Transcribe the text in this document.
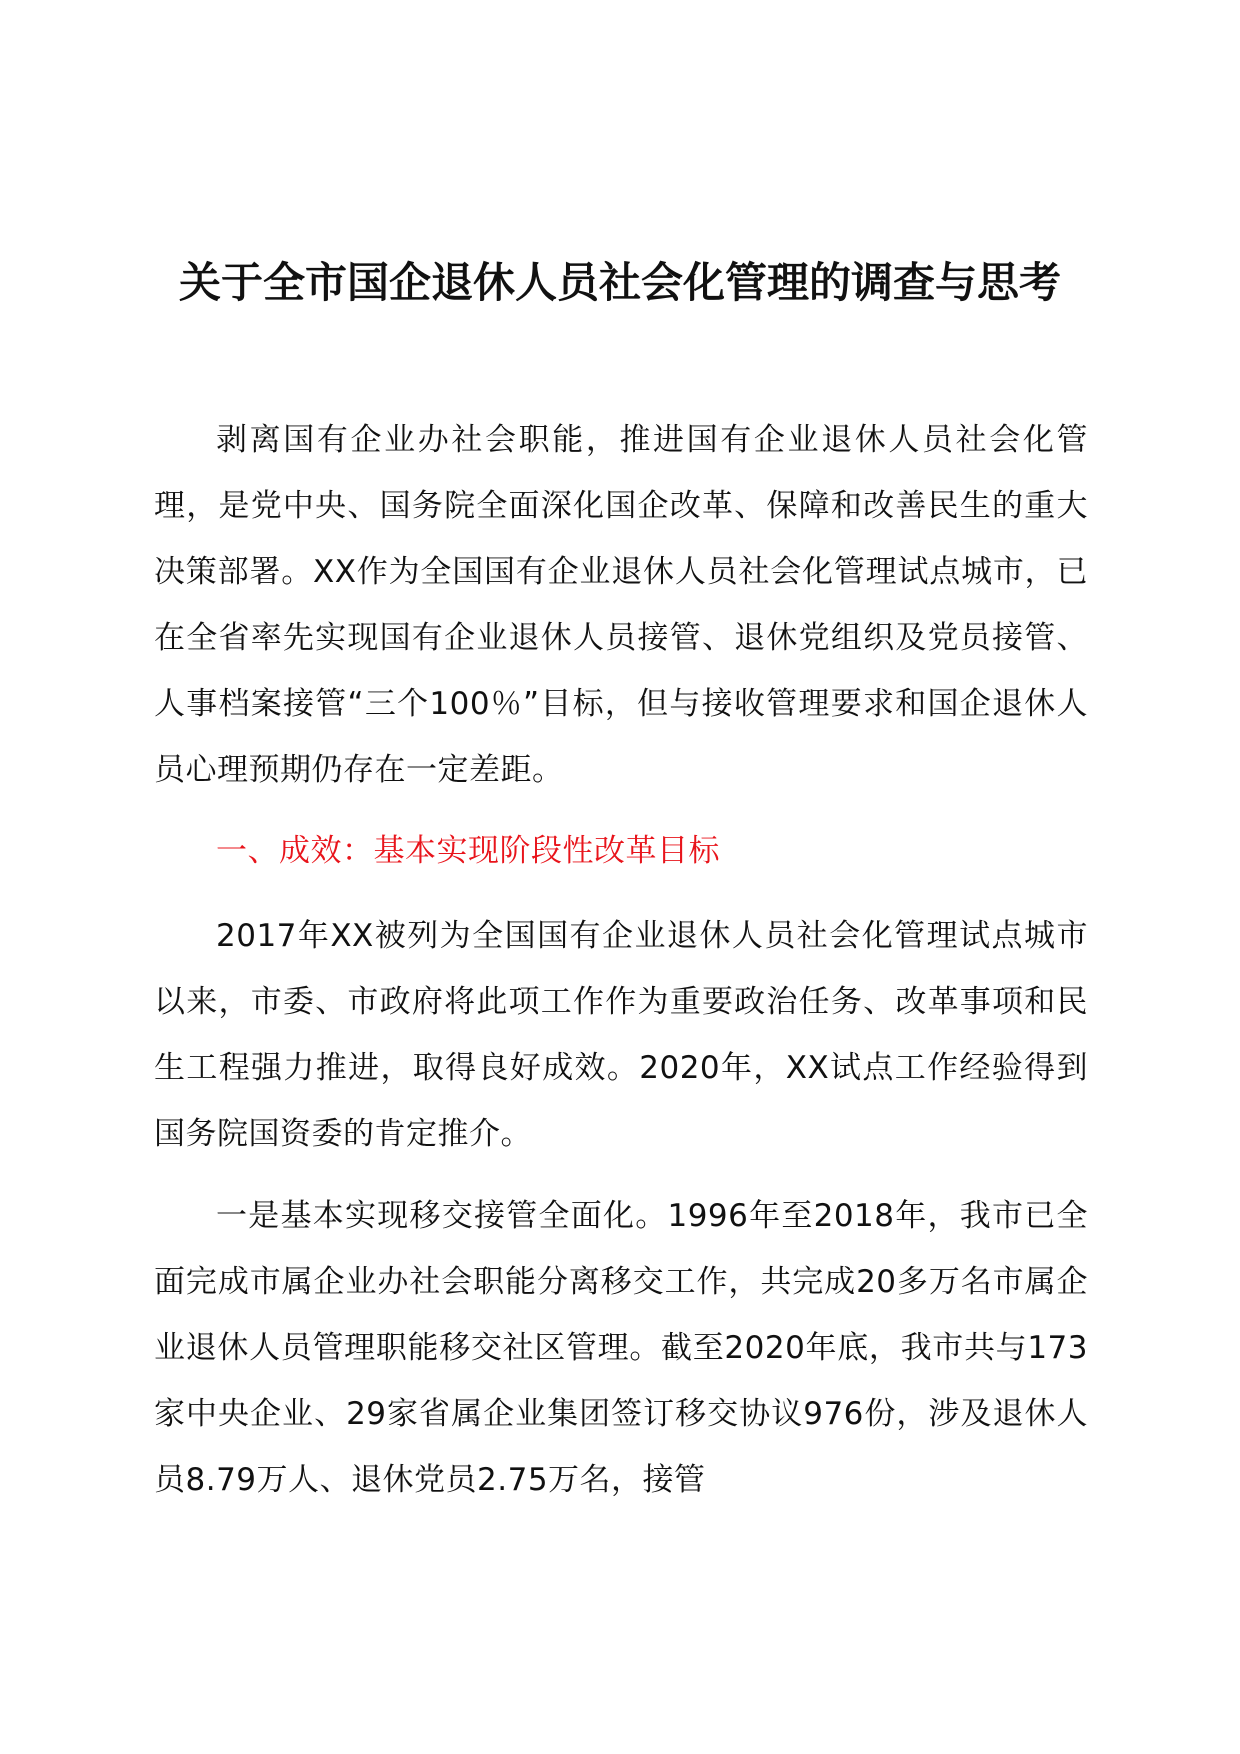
关于全市国企退休人员社会化管理的调查与思考

剥离国有企业办社会职能，推进国有企业退休人员社会化管理，是党中央、国务院全面深化国企改革、保障和改善民生的重大决策部署。XX作为全国国有企业退休人员社会化管理试点城市，已在全省率先实现国有企业退休人员接管、退休党组织及党员接管、人事档案接管“三个100％”目标，但与接收管理要求和国企退休人员心理预期仍存在一定差距。

一、成效：基本实现阶段性改革目标

2017年XX被列为全国国有企业退休人员社会化管理试点城市以来，市委、市政府将此项工作作为重要政治任务、改革事项和民生工程强力推进，取得良好成效。2020年，XX试点工作经验得到国务院国资委的肯定推介。

一是基本实现移交接管全面化。1996年至2018年，我市已全面完成市属企业办社会职能分离移交工作，共完成20多万名市属企业退休人员管理职能移交社区管理。截至2020年底，我市共与173家中央企业、29家省属企业集团签订移交协议976份，涉及退休人员8.79万人、退休党员2.75万名，接管
